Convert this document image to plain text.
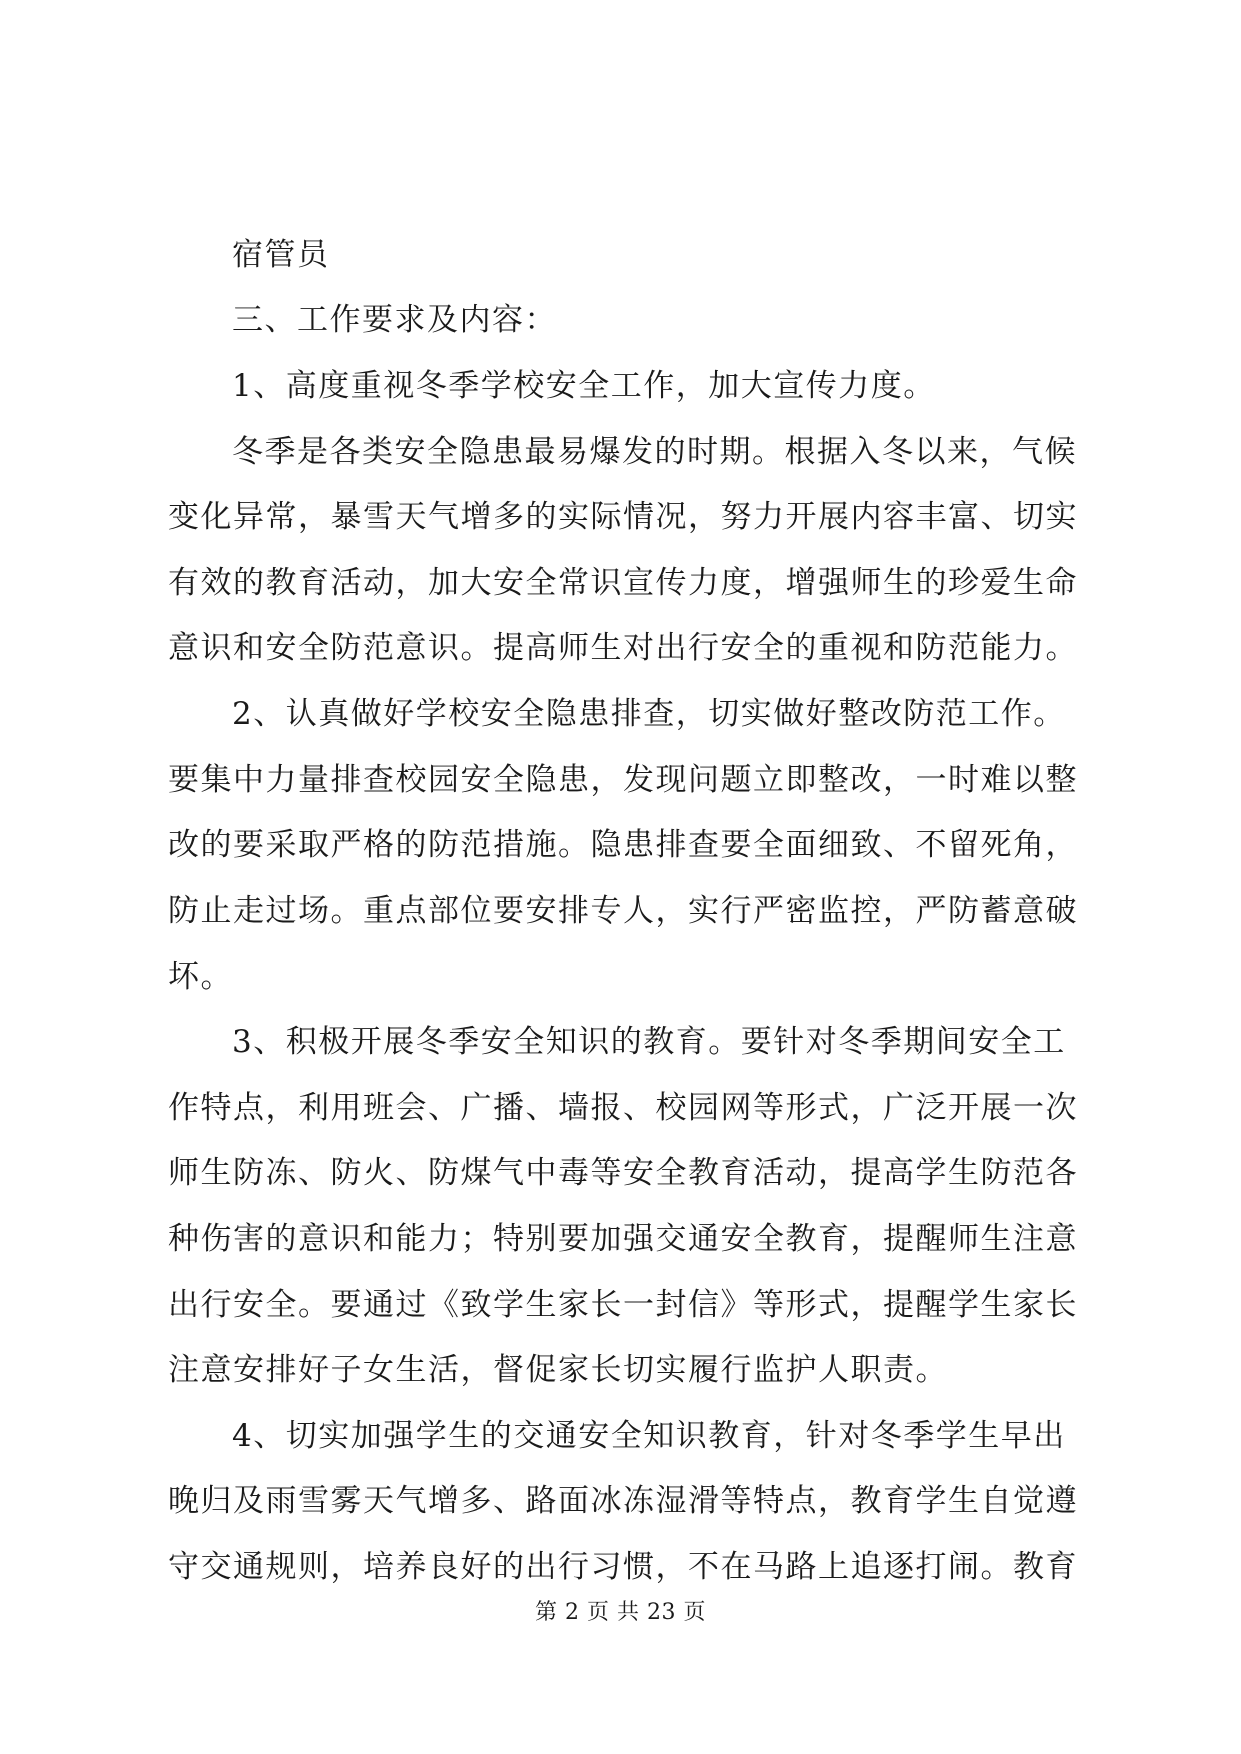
宿管员
三、工作要求及内容：
1、高度重视冬季学校安全工作，加大宣传力度。
冬季是各类安全隐患最易爆发的时期。根据入冬以来，气候
变化异常，暴雪天气增多的实际情况，努力开展内容丰富、切实
有效的教育活动，加大安全常识宣传力度，增强师生的珍爱生命
意识和安全防范意识。提高师生对出行安全的重视和防范能力。
2、认真做好学校安全隐患排查，切实做好整改防范工作。
要集中力量排查校园安全隐患，发现问题立即整改，一时难以整
改的要采取严格的防范措施。隐患排查要全面细致、不留死角，
防止走过场。重点部位要安排专人，实行严密监控，严防蓄意破
坏。
3、积极开展冬季安全知识的教育。要针对冬季期间安全工
作特点，利用班会、广播、墙报、校园网等形式，广泛开展一次
师生防冻、防火、防煤气中毒等安全教育活动，提高学生防范各
种伤害的意识和能力；特别要加强交通安全教育，提醒师生注意
出行安全。要通过《致学生家长一封信》等形式，提醒学生家长
注意安排好子女生活，督促家长切实履行监护人职责。
4、切实加强学生的交通安全知识教育，针对冬季学生早出
晚归及雨雪雾天气增多、路面冰冻湿滑等特点，教育学生自觉遵
守交通规则，培养良好的出行习惯，不在马路上追逐打闹。教育
第 2 页 共 23 页
